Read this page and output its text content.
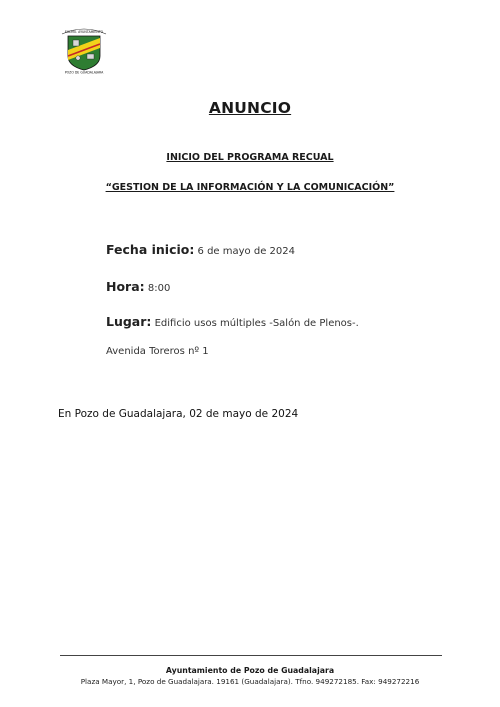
EXCMO. AYUNTAMIENTO
POZO DE GUADALAJARA
ANUNCIO
INICIO DEL PROGRAMA RECUAL
“GESTION DE LA INFORMACIÓN Y LA COMUNICACIÓN”
Fecha inicio: 6 de mayo de 2024
Hora: 8:00
Lugar: Edificio usos múltiples -Salón de Plenos-.
Avenida Toreros nº 1
En Pozo de Guadalajara, 02 de mayo de 2024
Ayuntamiento de Pozo de Guadalajara
Plaza Mayor, 1, Pozo de Guadalajara. 19161 (Guadalajara). Tfno. 949272185. Fax: 949272216
